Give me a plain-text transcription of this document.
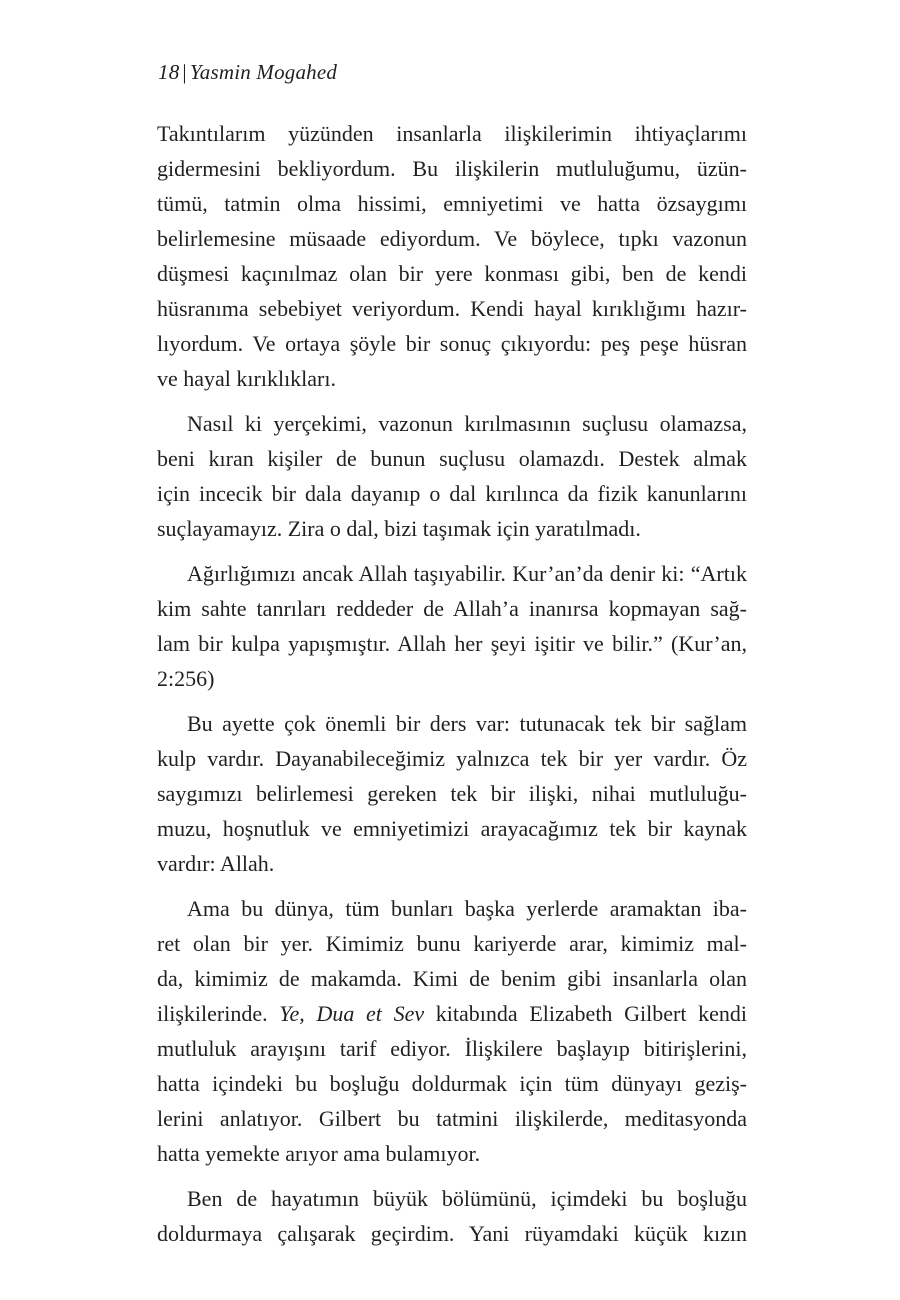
18 | Yasmin Mogahed

Takıntılarım yüzünden insanlarla ilişkilerimin ihtiyaçlarımı
gidermesini bekliyordum. Bu ilişkilerin mutluluğumu, üzün-
tümü, tatmin olma hissimi, emniyetimi ve hatta özsaygımı
belirlemesine müsaade ediyordum. Ve böylece, tıpkı vazonun
düşmesi kaçınılmaz olan bir yere konması gibi, ben de kendi
hüsranıma sebebiyet veriyordum. Kendi hayal kırıklığımı hazır-
lıyordum. Ve ortaya şöyle bir sonuç çıkıyordu: peş peşe hüsran
ve hayal kırıklıkları.

Nasıl ki yerçekimi, vazonun kırılmasının suçlusu olamazsa,
beni kıran kişiler de bunun suçlusu olamazdı. Destek almak
için incecik bir dala dayanıp o dal kırılınca da fizik kanunlarını
suçlayamayız. Zira o dal, bizi taşımak için yaratılmadı.

Ağırlığımızı ancak Allah taşıyabilir. Kur’an’da denir ki: “Artık
kim sahte tanrıları reddeder de Allah’a inanırsa kopmayan sağ-
lam bir kulpa yapışmıştır. Allah her şeyi işitir ve bilir.” (Kur’an,
2:256)

Bu ayette çok önemli bir ders var: tutunacak tek bir sağlam
kulp vardır. Dayanabileceğimiz yalnızca tek bir yer vardır. Öz
saygımızı belirlemesi gereken tek bir ilişki, nihai mutluluğu-
muzu, hoşnutluk ve emniyetimizi arayacağımız tek bir kaynak
vardır: Allah.

Ama bu dünya, tüm bunları başka yerlerde aramaktan iba-
ret olan bir yer. Kimimiz bunu kariyerde arar, kimimiz mal-
da, kimimiz de makamda. Kimi de benim gibi insanlarla olan
ilişkilerinde. Ye, Dua et Sev kitabında Elizabeth Gilbert kendi
mutluluk arayışını tarif ediyor. İlişkilere başlayıp bitirişlerini,
hatta içindeki bu boşluğu doldurmak için tüm dünyayı geziş-
lerini anlatıyor. Gilbert bu tatmini ilişkilerde, meditasyonda
hatta yemekte arıyor ama bulamıyor.

Ben de hayatımın büyük bölümünü, içimdeki bu boşluğu
doldurmaya çalışarak geçirdim. Yani rüyamdaki küçük kızın
